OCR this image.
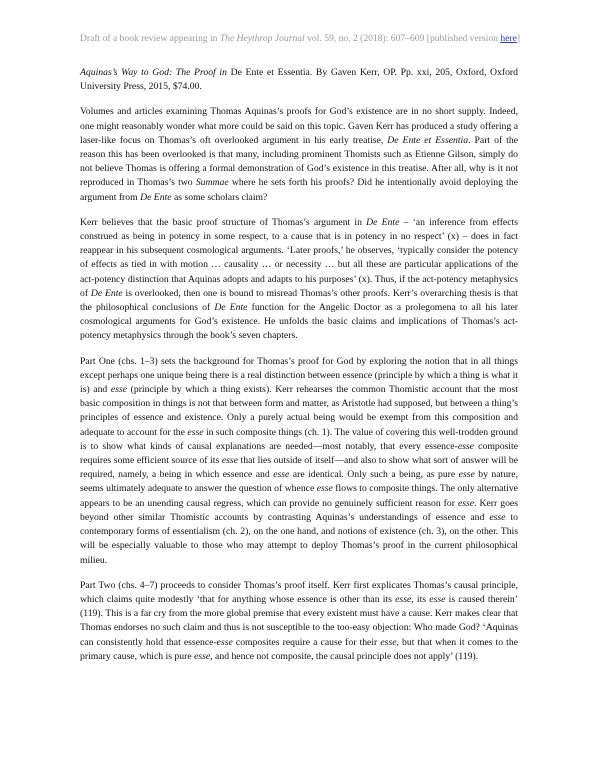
Draft of a book review appearing in The Heythrop Journal vol. 59, no. 2 (2018): 607–609 [published version here]
Aquinas’s Way to God: The Proof in De Ente et Essentia. By Gaven Kerr, OP. Pp. xxi, 205, Oxford, Oxford University Press, 2015, $74.00.

Volumes and articles examining Thomas Aquinas’s proofs for God’s existence are in no short supply. Indeed, one might reasonably wonder what more could be said on this topic. Gaven Kerr has produced a study offering a laser-like focus on Thomas’s oft overlooked argument in his early treatise, De Ente et Essentia. Part of the reason this has been overlooked is that many, including prominent Thomists such as Etienne Gilson, simply do not believe Thomas is offering a formal demonstration of God’s existence in this treatise. After all, why is it not reproduced in Thomas’s two Summae where he sets forth his proofs? Did he intentionally avoid deploying the argument from De Ente as some scholars claim?

Kerr believes that the basic proof structure of Thomas’s argument in De Ente – ‘an inference from effects construed as being in potency in some respect, to a cause that is in potency in no respect’ (x) – does in fact reappear in his subsequent cosmological arguments. ‘Later proofs,’ he observes, ‘typically consider the potency of effects as tied in with motion … causality … or necessity … but all these are particular applications of the act-potency distinction that Aquinas adopts and adapts to his purposes’ (x). Thus, if the act-potency metaphysics of De Ente is overlooked, then one is bound to misread Thomas’s other proofs. Kerr’s overarching thesis is that the philosophical conclusions of De Ente function for the Angelic Doctor as a prolegomena to all his later cosmological arguments for God’s existence. He unfolds the basic claims and implications of Thomas’s act-potency metaphysics through the book’s seven chapters.

Part One (chs. 1–3) sets the background for Thomas’s proof for God by exploring the notion that in all things except perhaps one unique being there is a real distinction between essence (principle by which a thing is what it is) and esse (principle by which a thing exists). Kerr rehearses the common Thomistic account that the most basic composition in things is not that between form and matter, as Aristotle had supposed, but between a thing’s principles of essence and existence. Only a purely actual being would be exempt from this composition and adequate to account for the esse in such composite things (ch. 1). The value of covering this well-trodden ground is to show what kinds of causal explanations are needed—most notably, that every essence-esse composite requires some efficient source of its esse that lies outside of itself—and also to show what sort of answer will be required, namely, a being in which essence and esse are identical. Only such a being, as pure esse by nature, seems ultimately adequate to answer the question of whence esse flows to composite things. The only alternative appears to be an unending causal regress, which can provide no genuinely sufficient reason for esse. Kerr goes beyond other similar Thomistic accounts by contrasting Aquinas’s understandings of essence and esse to contemporary forms of essentialism (ch. 2), on the one hand, and notions of existence (ch. 3), on the other. This will be especially valuable to those who may attempt to deploy Thomas’s proof in the current philosophical milieu.

Part Two (chs. 4–7) proceeds to consider Thomas’s proof itself. Kerr first explicates Thomas’s causal principle, which claims quite modestly ‘that for anything whose essence is other than its esse, its esse is caused therein’ (119). This is a far cry from the more global premise that every existent must have a cause. Kerr makes clear that Thomas endorses no such claim and thus is not susceptible to the too-easy objection: Who made God? ‘Aquinas can consistently hold that essence-esse composites require a cause for their esse, but that when it comes to the primary cause, which is pure esse, and hence not composite, the causal principle does not apply’ (119).
